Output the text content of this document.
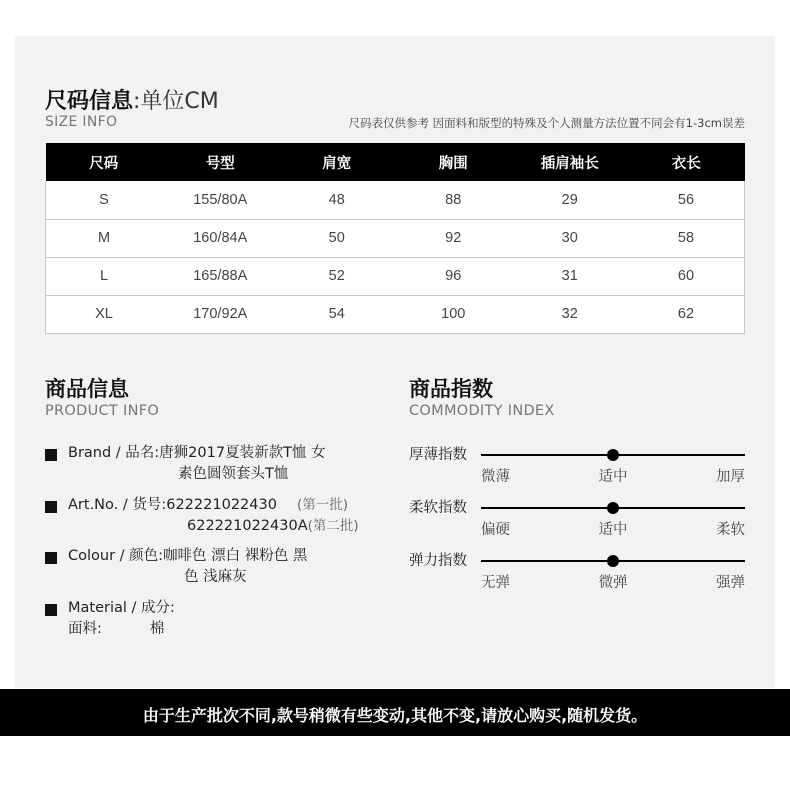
尺码信息:单位CM
SIZE INFO	尺码表仅供参考 因面料和版型的特殊及个人测量方法位置不同会有1-3cm误差
尺码	号型	肩宽	胸围	插肩袖长	衣长
S	155/80A	48	88	29	56
M	160/84A	50	92	30	58
L	165/88A	52	96	31	60
XL	170/92A	54	100	32	62
商品信息
PRODUCT INFO
Brand / 品名:唐狮2017夏装新款T恤 女
素色圆领套头T恤
Art.No. / 货号:622221022430 (第一批)
622221022430A(第二批)
Colour / 颜色:咖啡色 漂白 裸粉色 黑
色 浅麻灰
Material / 成分:
面料:	棉
商品指数
COMMODITY INDEX
厚薄指数
微薄	适中	加厚
柔软指数
偏硬	适中	柔软
弹力指数
无弹	微弹	强弹
由于生产批次不同,款号稍微有些变动,其他不变,请放心购买,随机发货。
